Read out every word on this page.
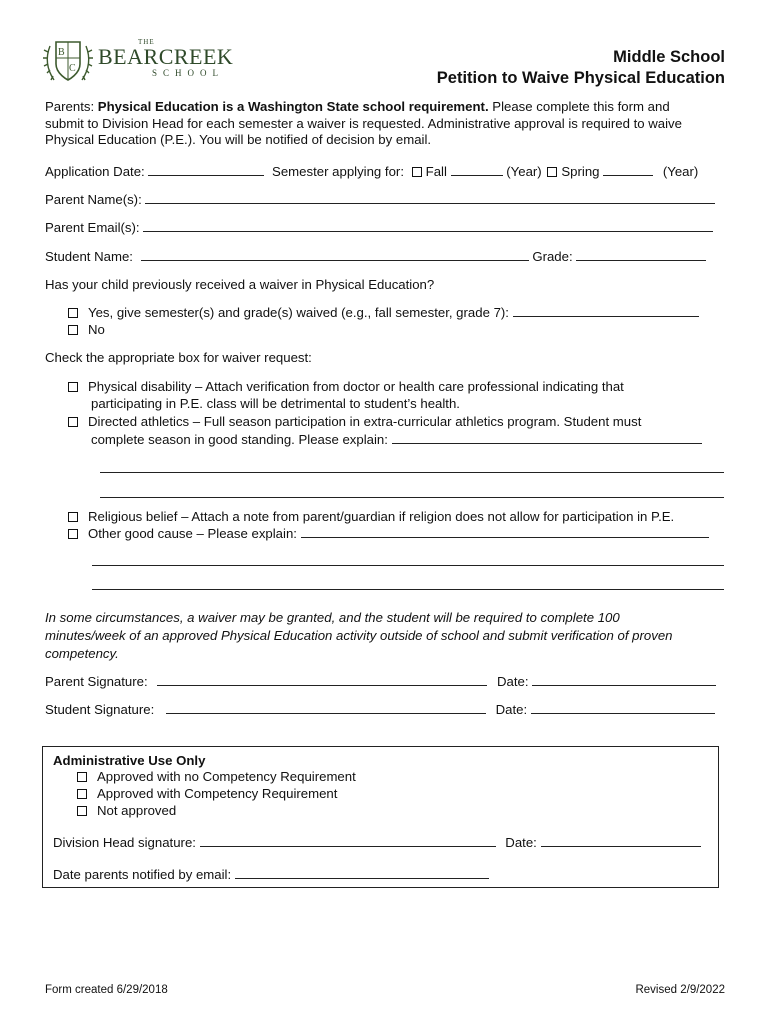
B
C
THE
BEARCREEK
SCHOOL
Middle School
Petition to Waive Physical Education
Parents: Physical Education is a Washington State school requirement. Please complete this form and
submit to Division Head for each semester a waiver is requested. Administrative approval is required to waive
Physical Education (P.E.). You will be notified of decision by email.
Application Date:	Semester applying for: Fall	(Year) Spring	(Year)
Parent Name(s):
Parent Email(s):
Student Name:	Grade:
Has your child previously received a waiver in Physical Education?
Yes, give semester(s) and grade(s) waived (e.g., fall semester, grade 7):
No
Check the appropriate box for waiver request:
Physical disability – Attach verification from doctor or health care professional indicating that
participating in P.E. class will be detrimental to student’s health.
Directed athletics – Full season participation in extra-curricular athletics program. Student must
complete season in good standing. Please explain:
Religious belief – Attach a note from parent/guardian if religion does not allow for participation in P.E.
Other good cause – Please explain:
In some circumstances, a waiver may be granted, and the student will be required to complete 100
minutes/week of an approved Physical Education activity outside of school and submit verification of proven
competency.
Parent Signature:	Date:
Student Signature:	Date:
Administrative Use Only
Approved with no Competency Requirement
Approved with Competency Requirement
Not approved
Division Head signature:	Date:
Date parents notified by email:
Form created 6/29/2018	Revised 2/9/2022
